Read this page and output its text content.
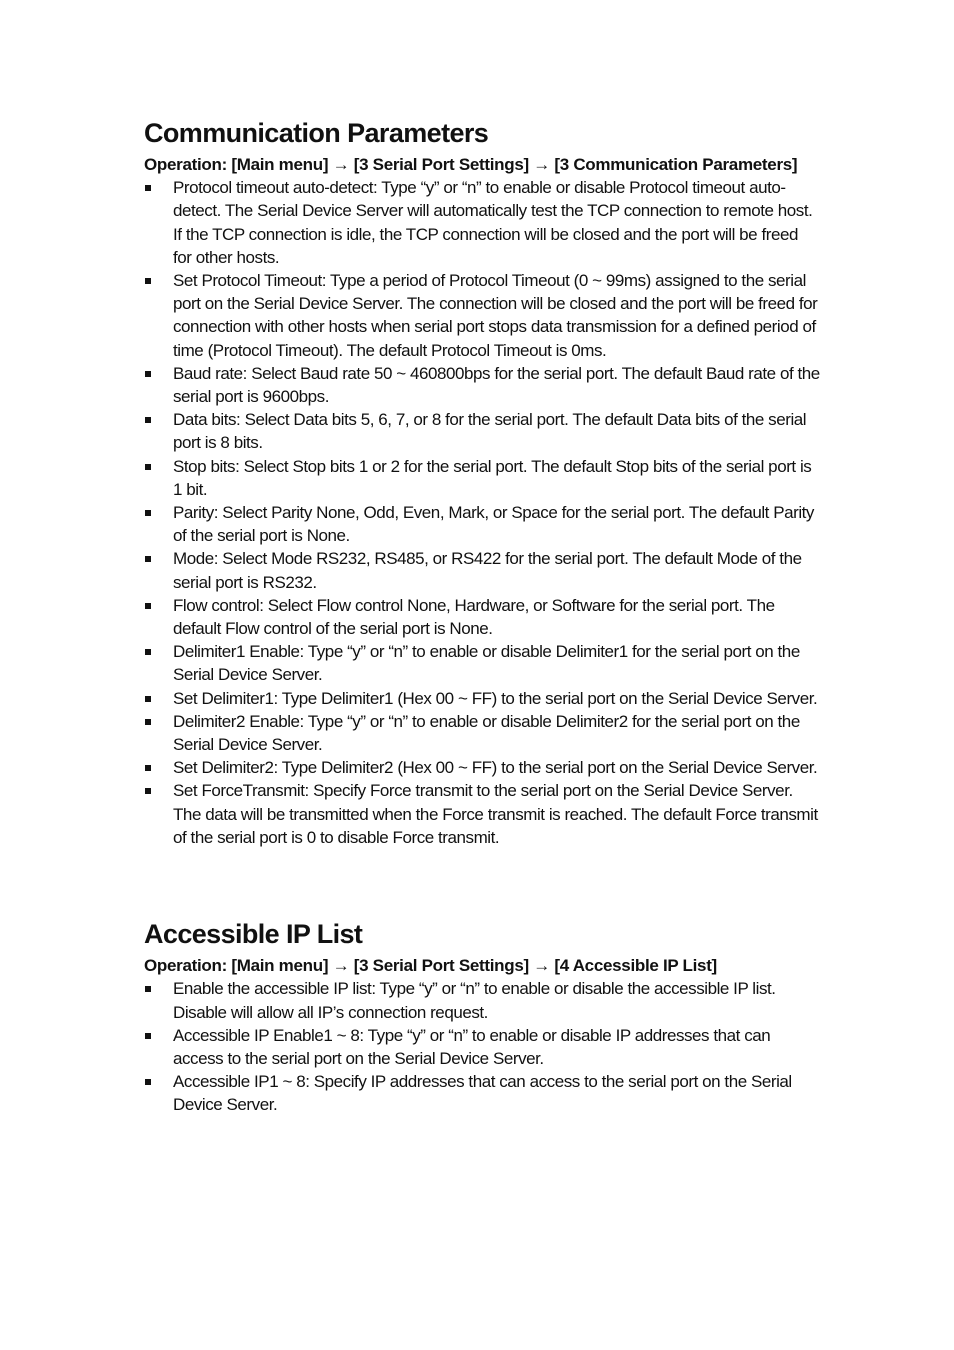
Communication Parameters

Operation: [Main menu] → [3 Serial Port Settings] → [3 Communication Parameters]

Protocol timeout auto-detect: Type “y” or “n” to enable or disable Protocol timeout auto-detect. The Serial Device Server will automatically test the TCP connection to remote host. If the TCP connection is idle, the TCP connection will be closed and the port will be freed for other hosts.
Set Protocol Timeout: Type a period of Protocol Timeout (0 ~ 99ms) assigned to the serial port on the Serial Device Server. The connection will be closed and the port will be freed for connection with other hosts when serial port stops data transmission for a defined period of time (Protocol Timeout). The default Protocol Timeout is 0ms.
Baud rate: Select Baud rate 50 ~ 460800bps for the serial port. The default Baud rate of the serial port is 9600bps.
Data bits: Select Data bits 5, 6, 7, or 8 for the serial port. The default Data bits of the serial port is 8 bits.
Stop bits: Select Stop bits 1 or 2 for the serial port. The default Stop bits of the serial port is 1 bit.
Parity: Select Parity None, Odd, Even, Mark, or Space for the serial port. The default Parity of the serial port is None.
Mode: Select Mode RS232, RS485, or RS422 for the serial port. The default Mode of the serial port is RS232.
Flow control: Select Flow control None, Hardware, or Software for the serial port. The default Flow control of the serial port is None.
Delimiter1 Enable: Type “y” or “n” to enable or disable Delimiter1 for the serial port on the Serial Device Server.
Set Delimiter1: Type Delimiter1 (Hex 00 ~ FF) to the serial port on the Serial Device Server.
Delimiter2 Enable: Type “y” or “n” to enable or disable Delimiter2 for the serial port on the Serial Device Server.
Set Delimiter2: Type Delimiter2 (Hex 00 ~ FF) to the serial port on the Serial Device Server.
Set ForceTransmit: Specify Force transmit to the serial port on the Serial Device Server. The data will be transmitted when the Force transmit is reached. The default Force transmit of the serial port is 0 to disable Force transmit.
Accessible IP List

Operation: [Main menu] → [3 Serial Port Settings] → [4 Accessible IP List]

Enable the accessible IP list: Type “y” or “n” to enable or disable the accessible IP list. Disable will allow all IP’s connection request.
Accessible IP Enable1 ~ 8: Type “y” or “n” to enable or disable IP addresses that can access to the serial port on the Serial Device Server.
Accessible IP1 ~ 8: Specify IP addresses that can access to the serial port on the Serial Device Server.
